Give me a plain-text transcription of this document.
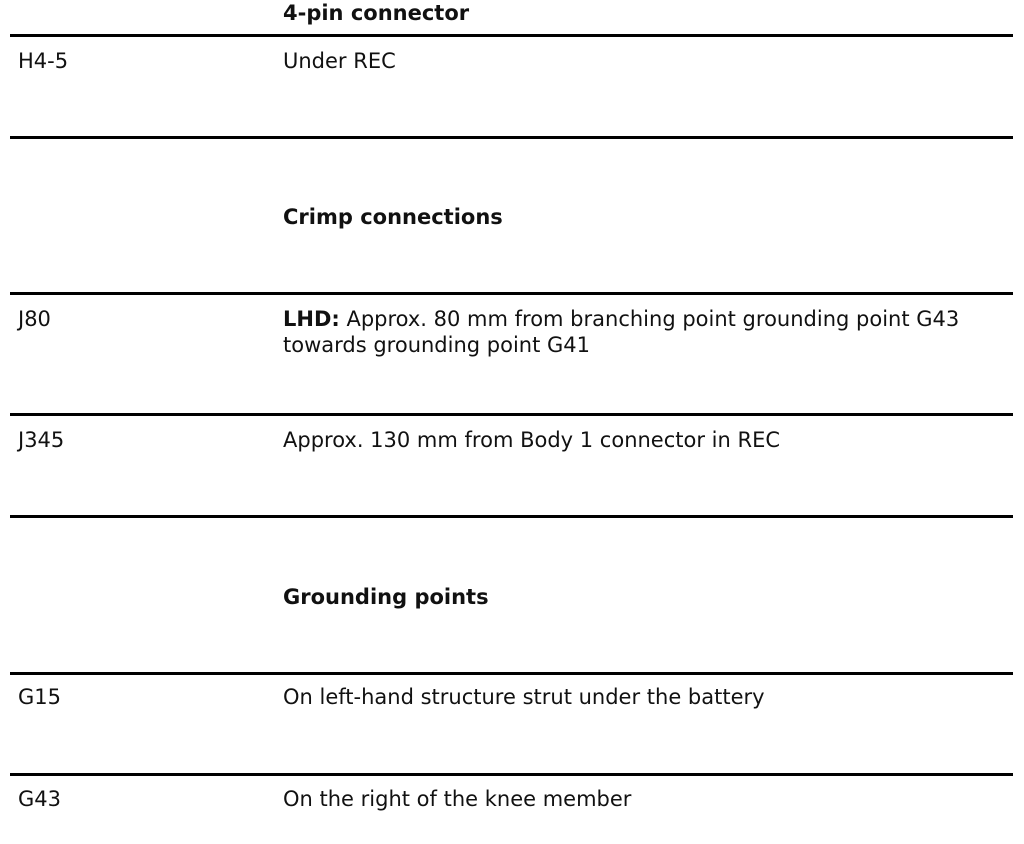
4-pin connector
H4-5	Under REC
Crimp connections
J80	LHD: Approx. 80 mm from branching point grounding point G43 towards grounding point G41
J345	Approx. 130 mm from Body 1 connector in REC
Grounding points
G15	On left-hand structure strut under the battery
G43	On the right of the knee member
